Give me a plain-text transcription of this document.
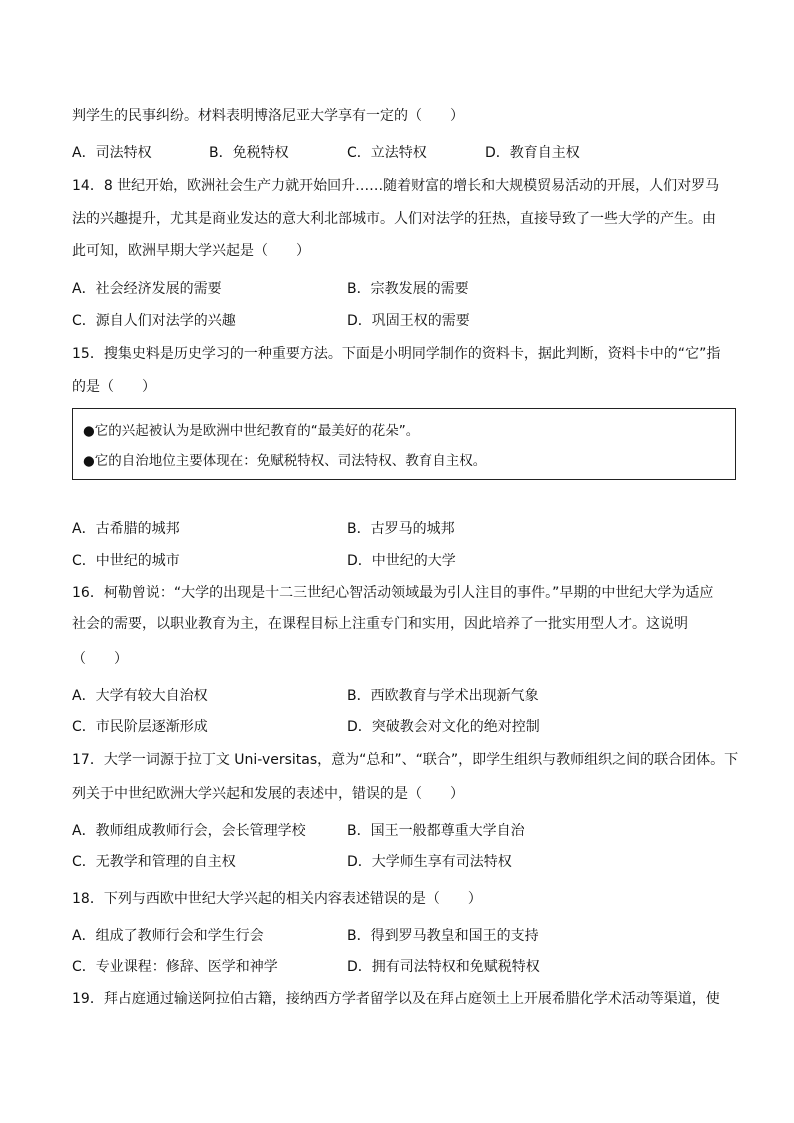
判学生的民事纠纷。材料表明博洛尼亚大学享有一定的（　　）
A．司法特权	B．免税特权	C．立法特权	D．教育自主权
14．8 世纪开始，欧洲社会生产力就开始回升……随着财富的增长和大规模贸易活动的开展，人们对罗马
法的兴趣提升，尤其是商业发达的意大利北部城市。人们对法学的狂热，直接导致了一些大学的产生。由
此可知，欧洲早期大学兴起是（　　）
A．社会经济发展的需要	B．宗教发展的需要
C．源自人们对法学的兴趣	D．巩固王权的需要
15．搜集史料是历史学习的一种重要方法。下面是小明同学制作的资料卡，据此判断，资料卡中的“它”指
的是（　　）
●它的兴起被认为是欧洲中世纪教育的“最美好的花朵”。
●它的自治地位主要体现在：免赋税特权、司法特权、教育自主权。
A．古希腊的城邦	B．古罗马的城邦
C．中世纪的城市	D．中世纪的大学
16．柯勒曾说：“大学的出现是十二三世纪心智活动领域最为引人注目的事件。”早期的中世纪大学为适应
社会的需要，以职业教育为主，在课程目标上注重专门和实用，因此培养了一批实用型人才。这说明
（　　）
A．大学有较大自治权	B．西欧教育与学术出现新气象
C．市民阶层逐渐形成	D．突破教会对文化的绝对控制
17．大学一词源于拉丁文 Uni-versitas，意为“总和”、“联合”，即学生组织与教师组织之间的联合团体。下
列关于中世纪欧洲大学兴起和发展的表述中，错误的是（　　）
A．教师组成教师行会，会长管理学校	B．国王一般都尊重大学自治
C．无教学和管理的自主权	D．大学师生享有司法特权
18．下列与西欧中世纪大学兴起的相关内容表述错误的是（　　）
A．组成了教师行会和学生行会	B．得到罗马教皇和国王的支持
C．专业课程：修辞、医学和神学	D．拥有司法特权和免赋税特权
19．拜占庭通过输送阿拉伯古籍，接纳西方学者留学以及在拜占庭领土上开展希腊化学术活动等渠道，使
